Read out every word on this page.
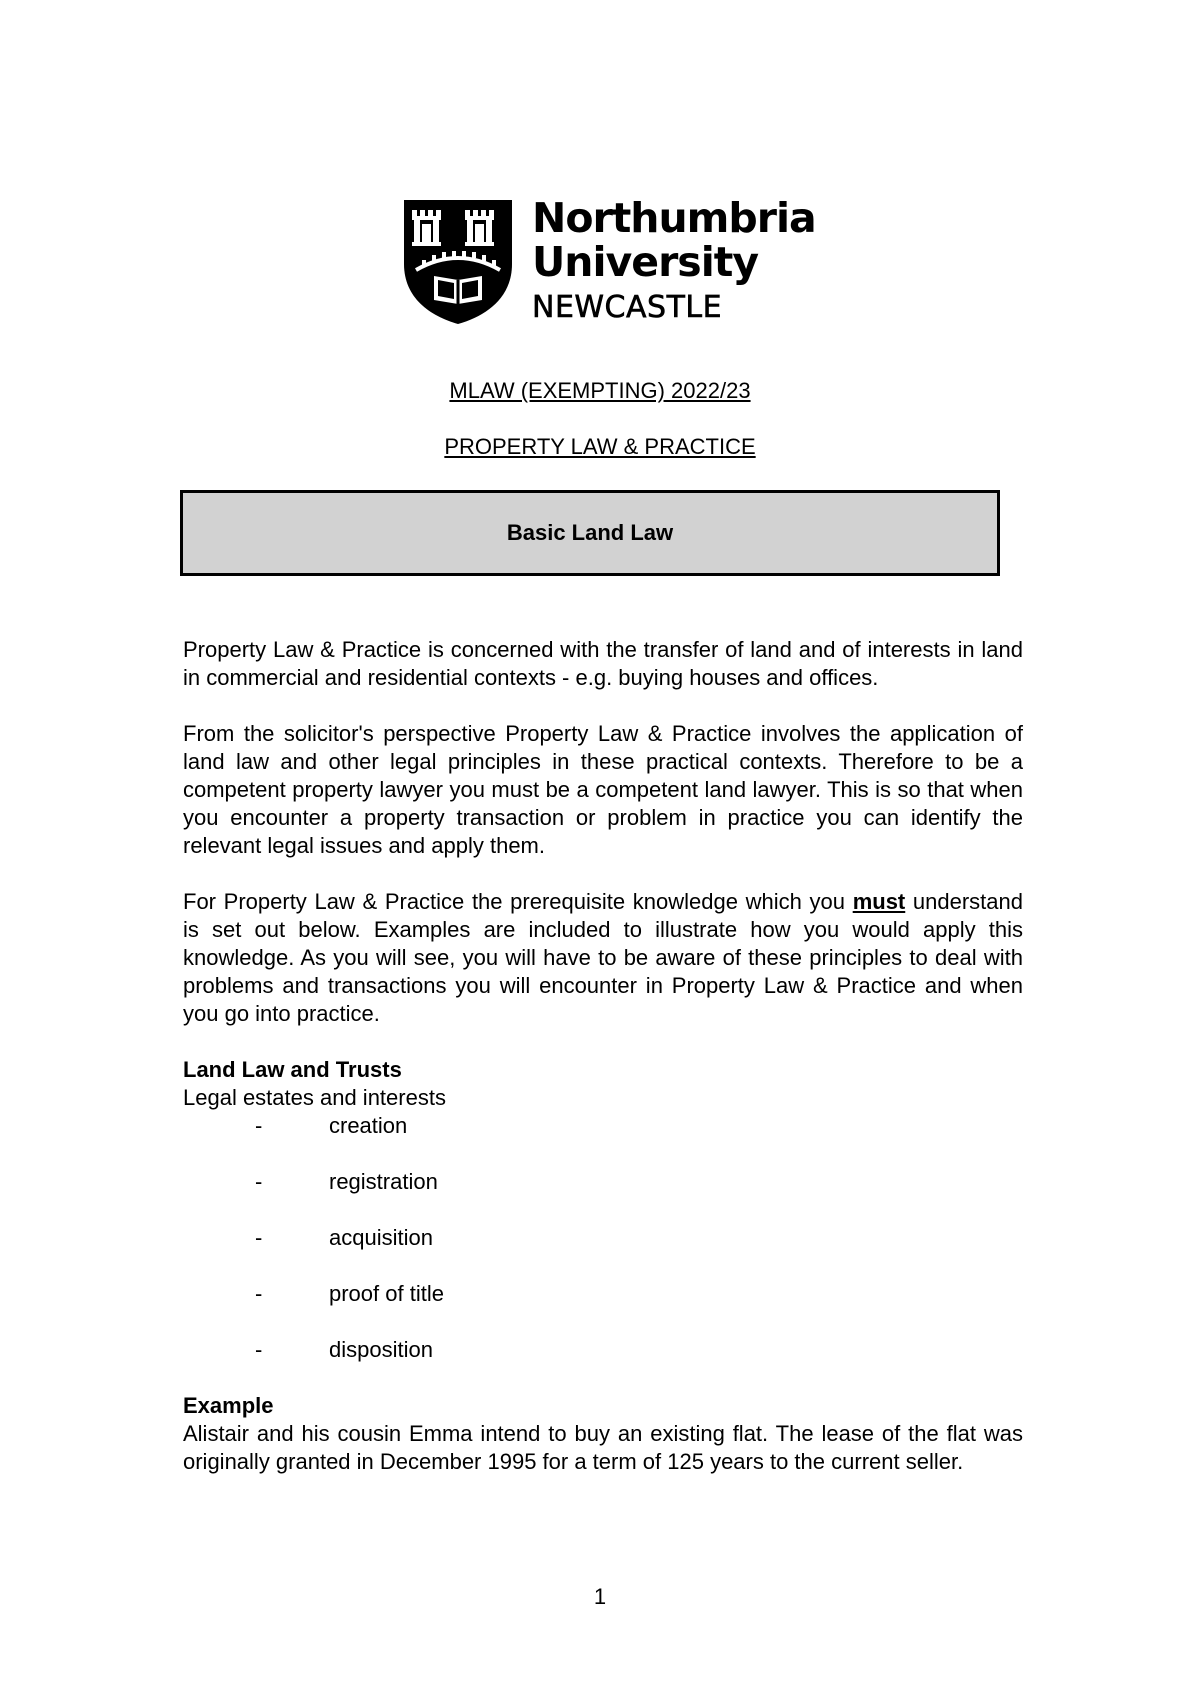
Northumbria
University
NEWCASTLE
MLAW (EXEMPTING) 2022/23
PROPERTY LAW & PRACTICE
Basic Land Law

Property Law & Practice is concerned with the transfer of land and of interests in land in commercial and residential contexts - e.g. buying houses and offices.

From the solicitor's perspective Property Law & Practice involves the application of land law and other legal principles in these practical contexts. Therefore to be a competent property lawyer you must be a competent land lawyer. This is so that when you encounter a property transaction or problem in practice you can identify the relevant legal issues and apply them.

For Property Law & Practice the prerequisite knowledge which you must understand is set out below. Examples are included to illustrate how you would apply this knowledge. As you will see, you will have to be aware of these principles to deal with problems and transactions you will encounter in Property Law & Practice and when you go into practice.

Land Law and Trusts

Legal estates and interests

-	creation
-	registration
-	acquisition
-	proof of title
-	disposition

Example

Alistair and his cousin Emma intend to buy an existing flat. The lease of the flat was originally granted in December 1995 for a term of 125 years to the current seller.

1
